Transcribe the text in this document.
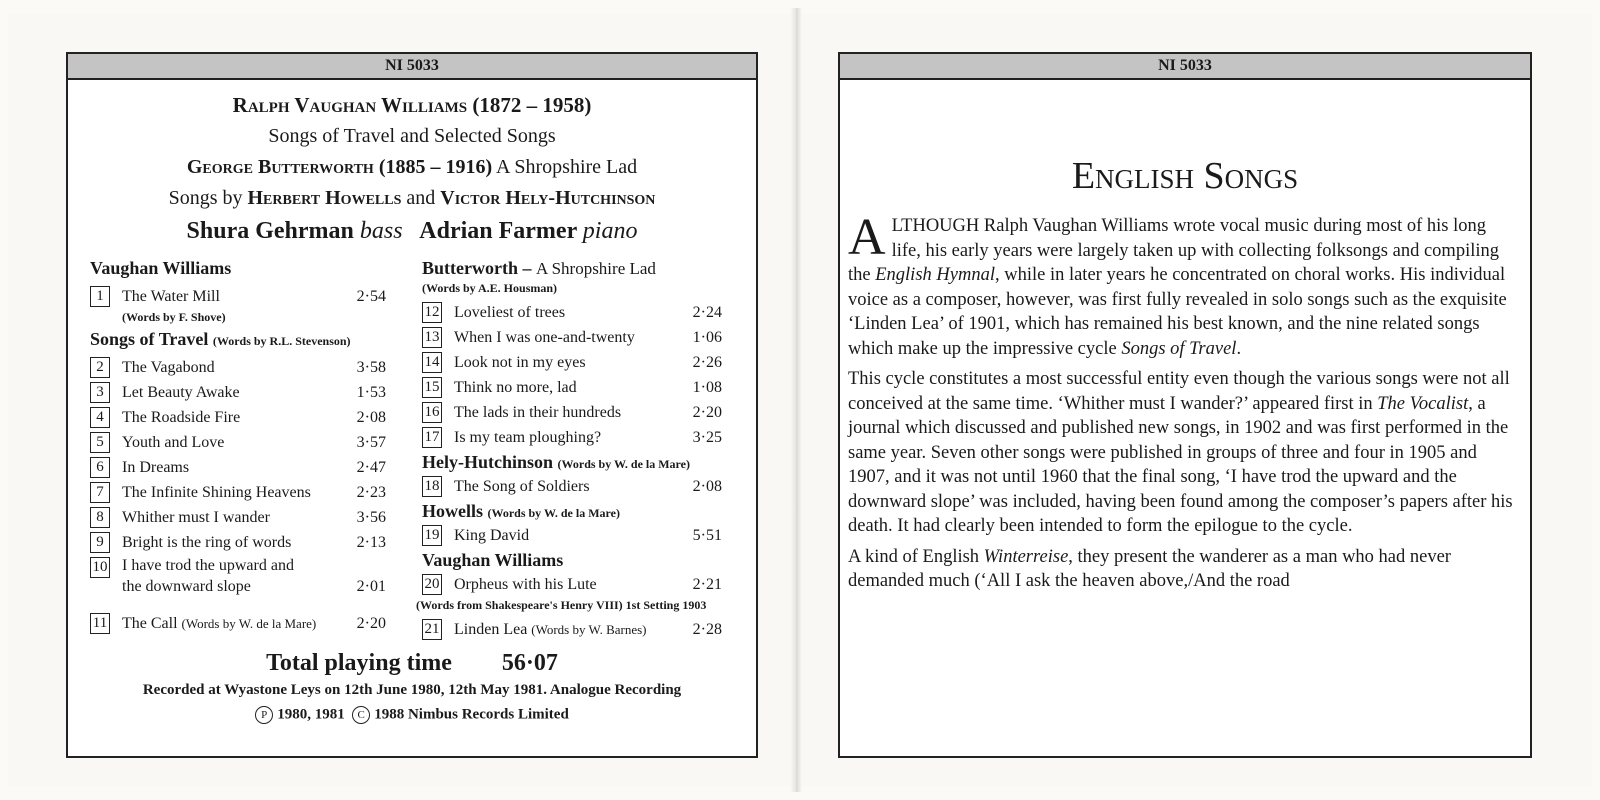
NI 5033
Ralph Vaughan Williams (1872 – 1958)
Songs of Travel and Selected Songs
George Butterworth (1885 – 1916) A Shropshire Lad
Songs by Herbert Howells and Victor Hely-Hutchinson
Shura Gehrman bass Adrian Farmer piano
Vaughan Williams
1	The Water Mill	2·54
(Words by F. Shove)
Songs of Travel (Words by R.L. Stevenson)
2	The Vagabond	3·58
3	Let Beauty Awake	1·53
4	The Roadside Fire	2·08
5	Youth and Love	3·57
6	In Dreams	2·47
7	The Infinite Shining Heavens	2·23
8	Whither must I wander	3·56
9	Bright is the ring of words	2·13
10 I have trod the upward and
the downward slope	2·01
11 The Call (Words by W. de la Mare)	2·20
Butterworth – A Shropshire Lad
(Words by A.E. Housman)
12 Loveliest of trees	2·24
13 When I was one-and-twenty	1·06
14 Look not in my eyes	2·26
15 Think no more, lad	1·08
16 The lads in their hundreds	2·20
17 Is my team ploughing?	3·25
Hely-Hutchinson (Words by W. de la Mare)
18 The Song of Soldiers	2·08
Howells (Words by W. de la Mare)
19 King David	5·51
Vaughan Williams
20 Orpheus with his Lute	2·21
(Words from Shakespeare's Henry VIII) 1st Setting 1903
21 Linden Lea (Words by W. Barnes)	2·28
Total playing time 56·07
Recorded at Wyastone Leys on 12th June 1980, 12th May 1981. Analogue Recording
P 1980, 1981 C 1988 Nimbus Records Limited
NI 5033
English Songs

ALTHOUGH Ralph Vaughan Williams wrote vocal music during most of his long life, his early years were largely taken up with collecting folksongs and compiling the English Hymnal, while in later years he concentrated on choral works. His individual voice as a composer, however, was first fully revealed in solo songs such as the exquisite ‘Linden Lea’ of 1901, which has remained his best known, and the nine related songs which make up the impressive cycle Songs of Travel.

This cycle constitutes a most successful entity even though the various songs were not all conceived at the same time. ‘Whither must I wander?’ appeared first in The Vocalist, a journal which discussed and published new songs, in 1902 and was first performed in the same year. Seven other songs were published in groups of three and four in 1905 and 1907, and it was not until 1960 that the final song, ‘I have trod the upward and the downward slope’ was included, having been found among the composer’s papers after his death. It had clearly been intended to form the epilogue to the cycle.

A kind of English Winterreise, they present the wanderer as a man who had never demanded much (‘All I ask the heaven above,/And the road
